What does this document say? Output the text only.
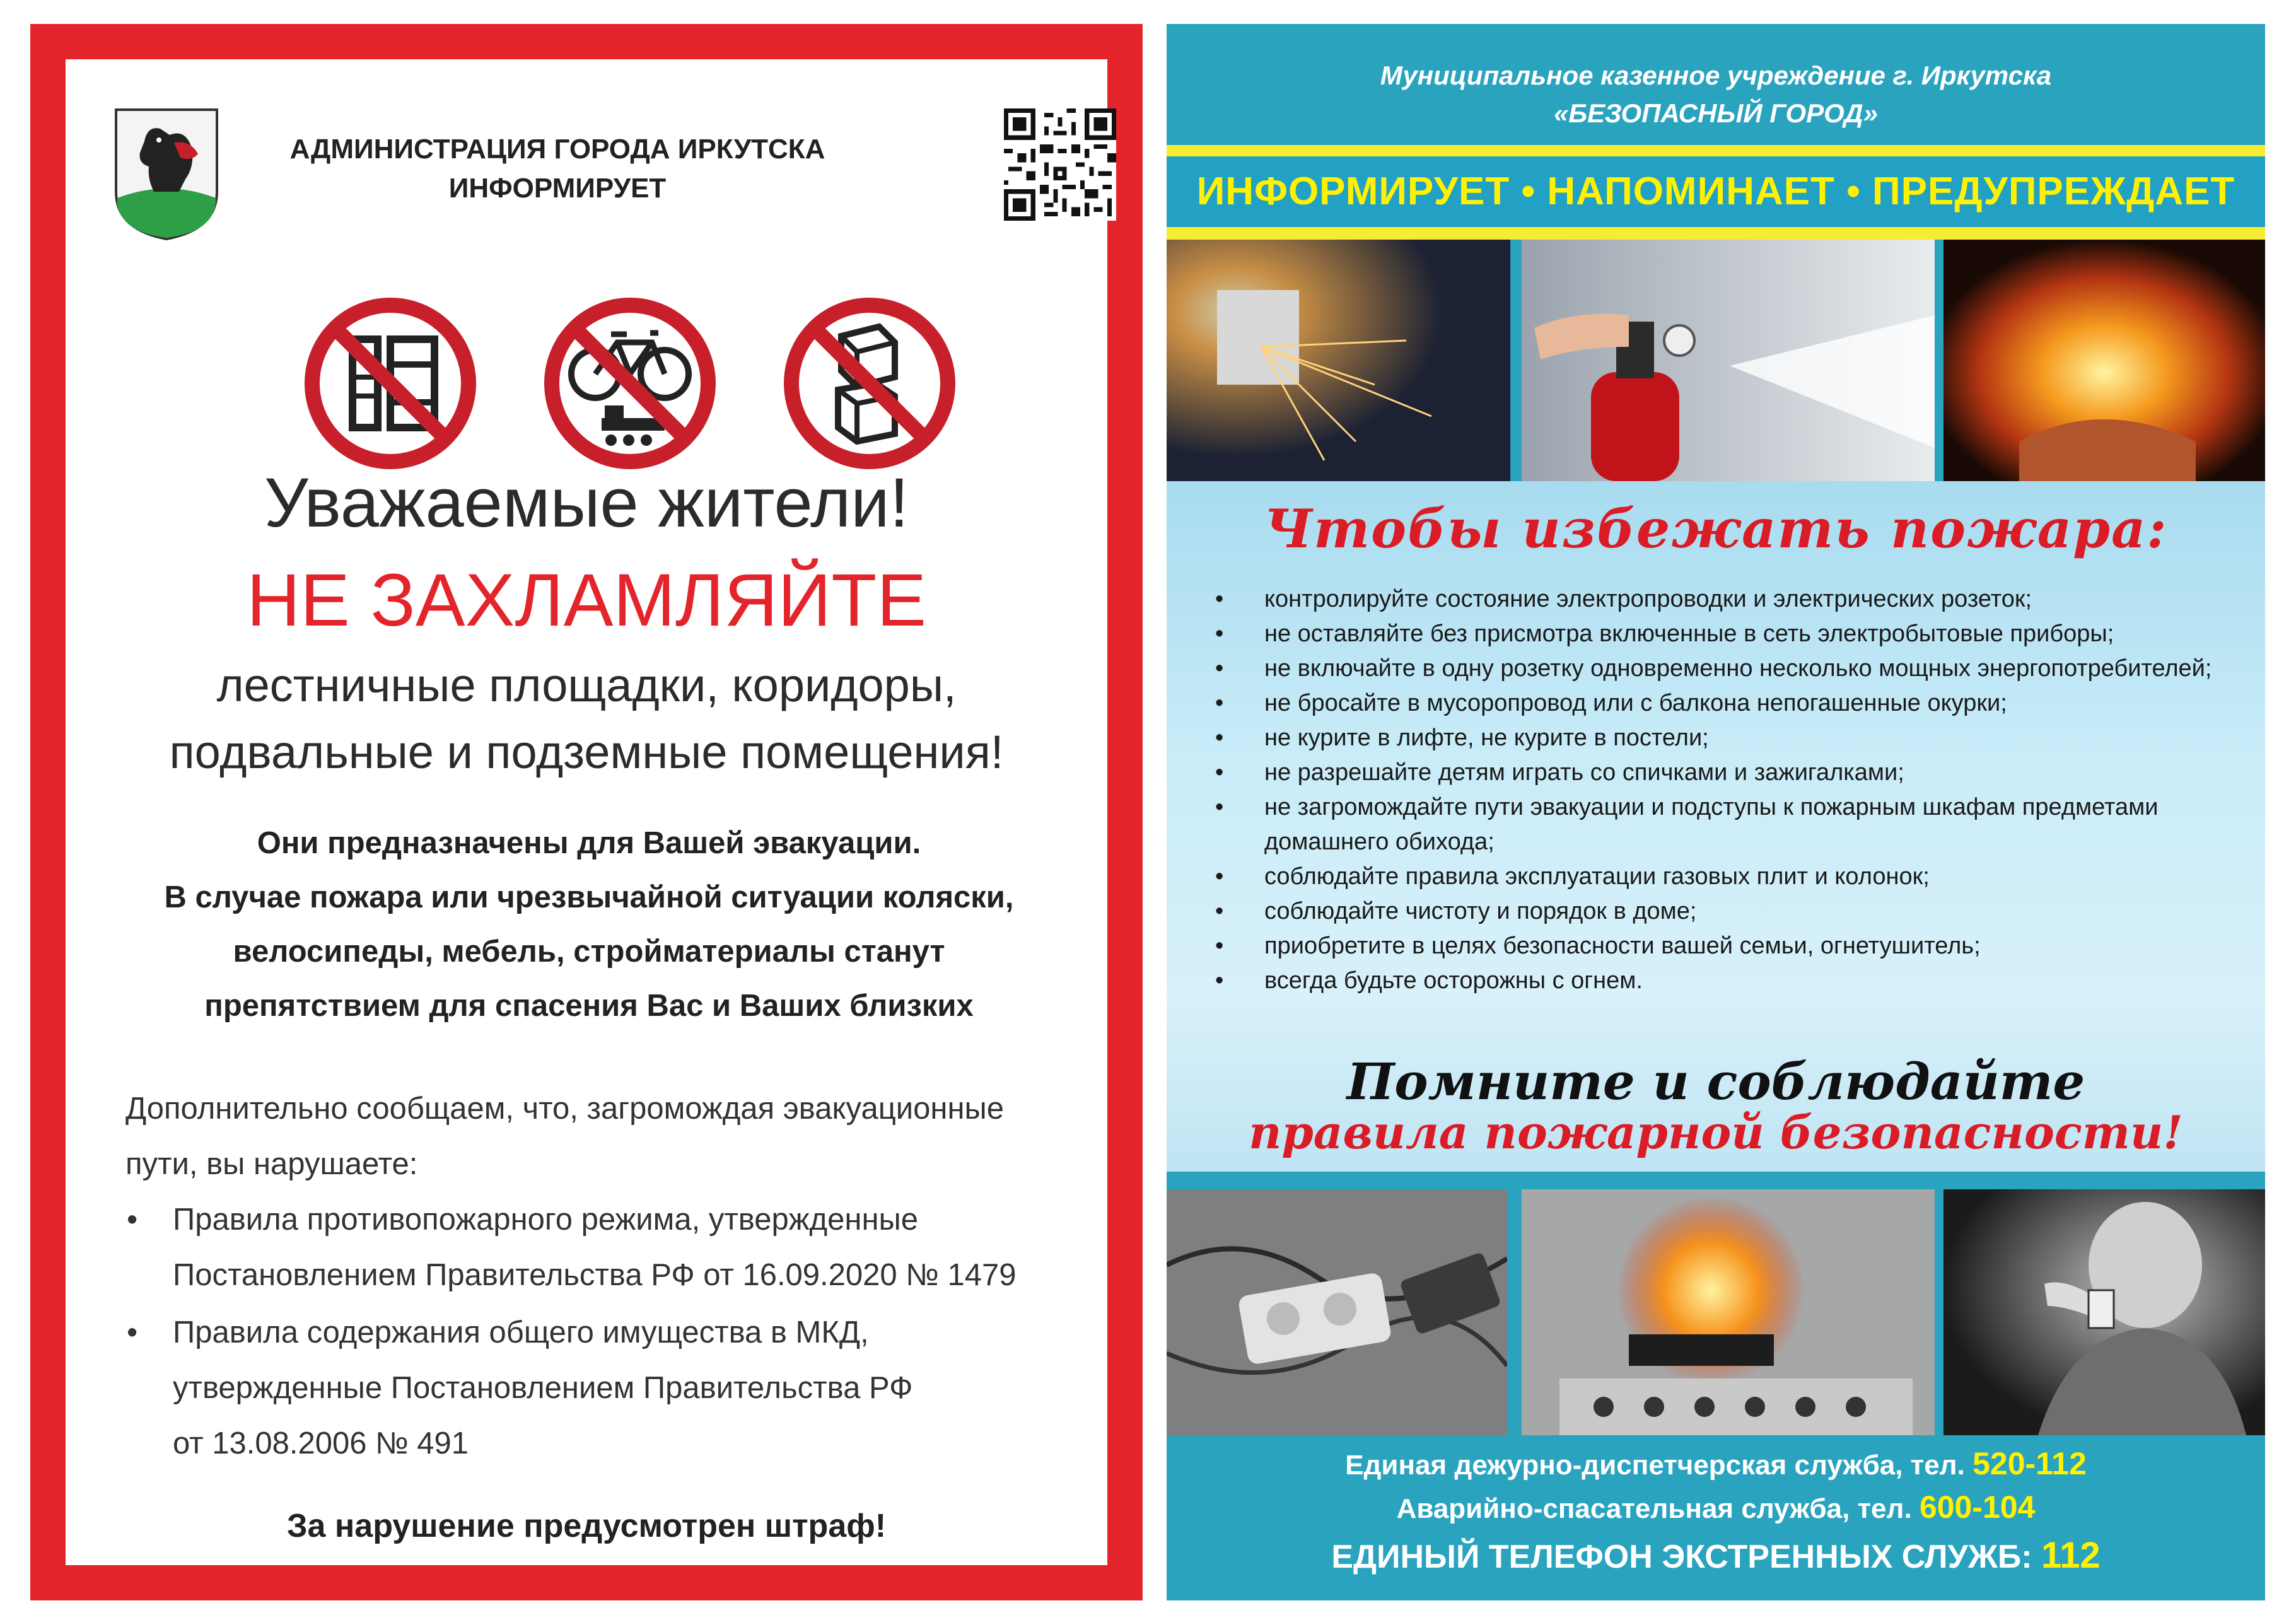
АДМИНИСТРАЦИЯ ГОРОДА ИРКУТСКА
ИНФОРМИРУЕТ
Уважаемые жители!
НЕ ЗАХЛАМЛЯЙТЕ
лестничные площадки, коридоры,
подвальные и подземные помещения!
Они предназначены для Вашей эвакуации.
В случае пожара или чрезвычайной ситуации коляски,
велосипеды, мебель, стройматериалы станут
препятствием для спасения Вас и Ваших близких
Дополнительно сообщаем, что, загромождая эвакуационные
пути, вы нарушаете:
• Правила противопожарного режима, утвержденные
Постановлением Правительства РФ от 16.09.2020 № 1479
• Правила содержания общего имущества в МКД,
утвержденные Постановлением Правительства РФ
от 13.08.2006 № 491
За нарушение предусмотрен штраф!
Муниципальное казенное учреждение г. Иркутска
«БЕЗОПАСНЫЙ ГОРОД»
ИНФОРМИРУЕТ • НАПОМИНАЕТ • ПРЕДУПРЕЖДАЕТ
Чтобы избежать пожара:
• контролируйте состояние электропроводки и электрических розеток;
• не оставляйте без присмотра включенные в сеть электробытовые приборы;
• не включайте в одну розетку одновременно несколько мощных энергопотребителей;
• не бросайте в мусоропровод или с балкона непогашенные окурки;
• не курите в лифте, не курите в постели;
• не разрешайте детям играть со спичками и зажигалками;
• не загромождайте пути эвакуации и подступы к пожарным шкафам предметами домашнего обихода;
• соблюдайте правила эксплуатации газовых плит и колонок;
• соблюдайте чистоту и порядок в доме;
• приобретите в целях безопасности вашей семьи, огнетушитель;
• всегда будьте осторожны с огнем.
Помните и соблюдайте
правила пожарной безопасности!
Единая дежурно-диспетчерская служба, тел. 520-112
Аварийно-спасательная служба, тел. 600-104
ЕДИНЫЙ ТЕЛЕФОН ЭКСТРЕННЫХ СЛУЖБ: 112
